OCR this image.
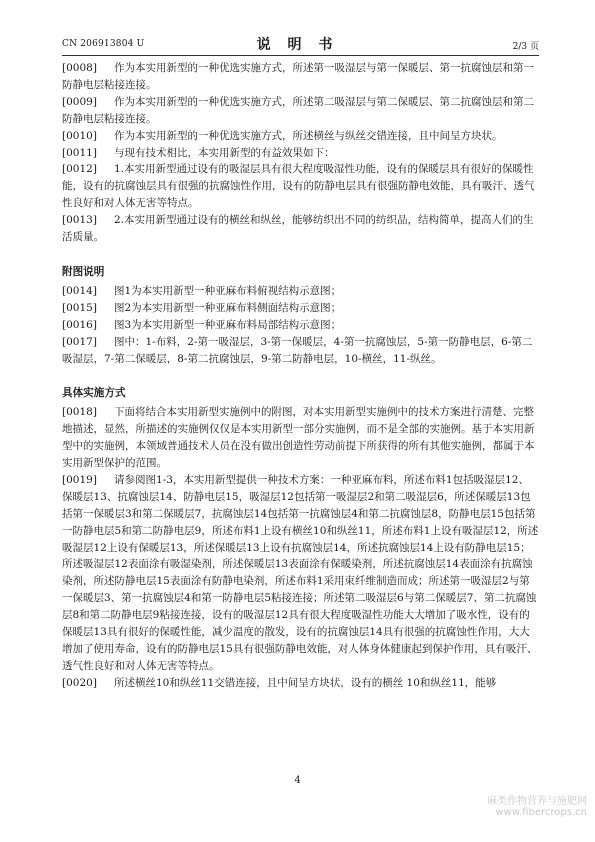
CN 206913804 U	说 明 书	2/3 页

[0008] 作为本实用新型的一种优选实施方式，所述第一吸湿层与第一保暖层、第一抗腐蚀层和第一防静电层粘接连接。

[0009] 作为本实用新型的一种优选实施方式，所述第二吸湿层与第二保暖层、第二抗腐蚀层和第二防静电层粘接连接。

[0010] 作为本实用新型的一种优选实施方式，所述横丝与纵丝交错连接，且中间呈方块状。

[0011] 与现有技术相比，本实用新型的有益效果如下：

[0012] 1.本实用新型通过设有的吸湿层具有很大程度吸湿性功能，设有的保暖层具有很好的保暖性能，设有的抗腐蚀层具有很强的抗腐蚀性作用，设有的防静电层具有很强防静电效能，具有吸汗、透气性良好和对人体无害等特点。

[0013] 2.本实用新型通过设有的横丝和纵丝，能够纺织出不同的纺织品，结构简单，提高人们的生活质量。

附图说明

[0014] 图1为本实用新型一种亚麻布料俯视结构示意图；

[0015] 图2为本实用新型一种亚麻布料侧面结构示意图；

[0016] 图3为本实用新型一种亚麻布料局部结构示意图；

[0017] 图中：1-布料，2-第一吸湿层，3-第一保暖层，4-第一抗腐蚀层，5-第一防静电层，6-第二吸湿层，7-第二保暖层，8-第二抗腐蚀层，9-第二防静电层，10-横丝，11-纵丝。

具体实施方式

[0018] 下面将结合本实用新型实施例中的附图，对本实用新型实施例中的技术方案进行清楚、完整地描述，显然，所描述的实施例仅仅是本实用新型一部分实施例，而不是全部的实施例。基于本实用新型中的实施例，本领域普通技术人员在没有做出创造性劳动前提下所获得的所有其他实施例，都属于本实用新型保护的范围。

[0019] 请参阅图1-3，本实用新型提供一种技术方案：一种亚麻布料，所述布料1包括吸湿层12、保暖层13、抗腐蚀层14、防静电层15，吸湿层12包括第一吸湿层2和第二吸湿层6，所述保暖层13包括第一保暖层3和第二保暖层7，抗腐蚀层14包括第一抗腐蚀层4和第二抗腐蚀层8，防静电层15包括第一防静电层5和第二防静电层9，所述布料1上设有横丝10和纵丝11，所述布料1上设有吸湿层12，所述吸湿层12上设有保暖层13，所述保暖层13上设有抗腐蚀层14，所述抗腐蚀层14上设有防静电层15；所述吸湿层12表面涂有吸湿染剂，所述保暖层13表面涂有保暖染剂，所述抗腐蚀层14表面涂有抗腐蚀染剂，所述防静电层15表面涂有防静电染剂，所述布料1采用束纤维制造而成；所述第一吸湿层2与第一保暖层3、第一抗腐蚀层4和第一防静电层5粘接连接；所述第二吸湿层6与第二保暖层7、第二抗腐蚀层8和第二防静电层9粘接连接，设有的吸湿层12具有很大程度吸湿性功能大大增加了吸水性，设有的保暖层13具有很好的保暖性能，减少温度的散发，设有的抗腐蚀层14具有很强的抗腐蚀性作用，大大增加了使用寿命，设有的防静电层15具有很强防静电效能，对人体身体健康起到保护作用，具有吸汗、透气性良好和对人体无害等特点。

[0020] 所述横丝10和纵丝11交错连接，且中间呈方块状，设有的横丝 10和纵丝11，能够

4
麻类作物营养与施肥网
www.fibercrops.cn
